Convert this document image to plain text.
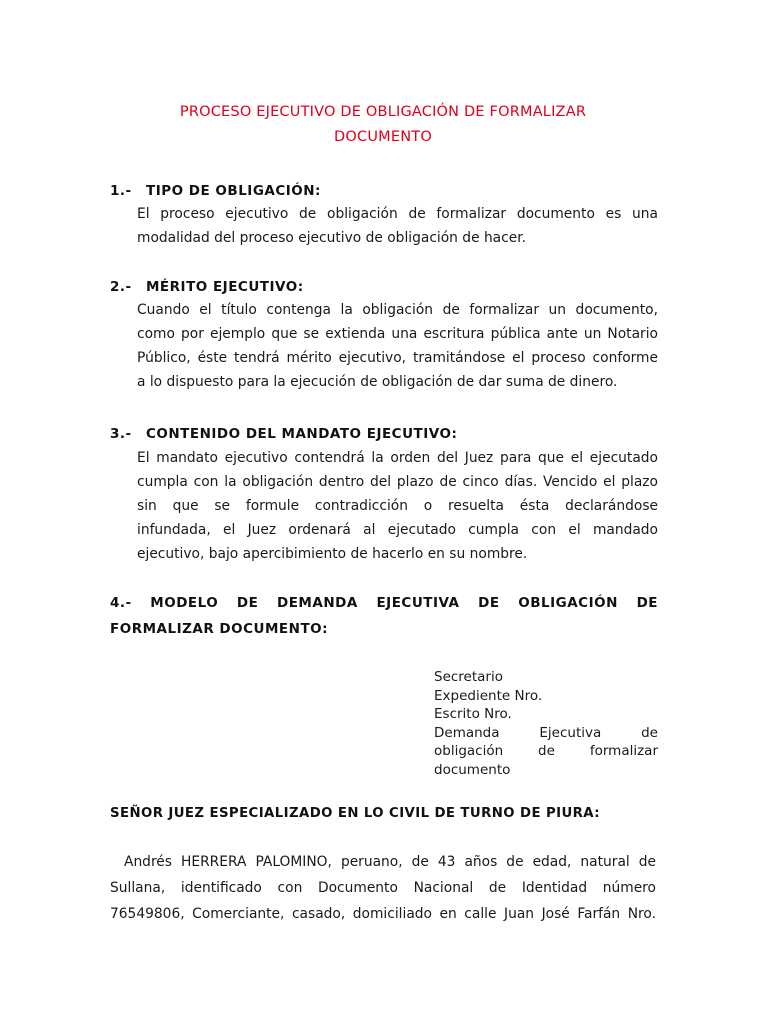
PROCESO EJECUTIVO DE OBLIGACIÓN DE FORMALIZAR
DOCUMENTO
1.- TIPO DE OBLIGACIÓN:
El proceso ejecutivo de obligación de formalizar documento es una
modalidad del proceso ejecutivo de obligación de hacer.
2.- MÉRITO EJECUTIVO:
Cuando el título contenga la obligación de formalizar un documento,
como por ejemplo que se extienda una escritura pública ante un Notario
Público, éste tendrá mérito ejecutivo, tramitándose el proceso conforme
a lo dispuesto para la ejecución de obligación de dar suma de dinero.
3.- CONTENIDO DEL MANDATO EJECUTIVO:
El mandato ejecutivo contendrá la orden del Juez para que el ejecutado
cumpla con la obligación dentro del plazo de cinco días. Vencido el plazo
sin que se formule contradicción o resuelta ésta declarándose
infundada, el Juez ordenará al ejecutado cumpla con el mandado
ejecutivo, bajo apercibimiento de hacerlo en su nombre.
4.- MODELO DE DEMANDA EJECUTIVA DE OBLIGACIÓN DE
FORMALIZAR DOCUMENTO:
Secretario
Expediente Nro.
Escrito Nro.
Demanda Ejecutiva de
obligación de formalizar
documento
SEÑOR JUEZ ESPECIALIZADO EN LO CIVIL DE TURNO DE PIURA:
Andrés HERRERA PALOMINO, peruano, de 43 años de edad, natural de
Sullana, identificado con Documento Nacional de Identidad número
76549806, Comerciante, casado, domiciliado en calle Juan José Farfán Nro.
